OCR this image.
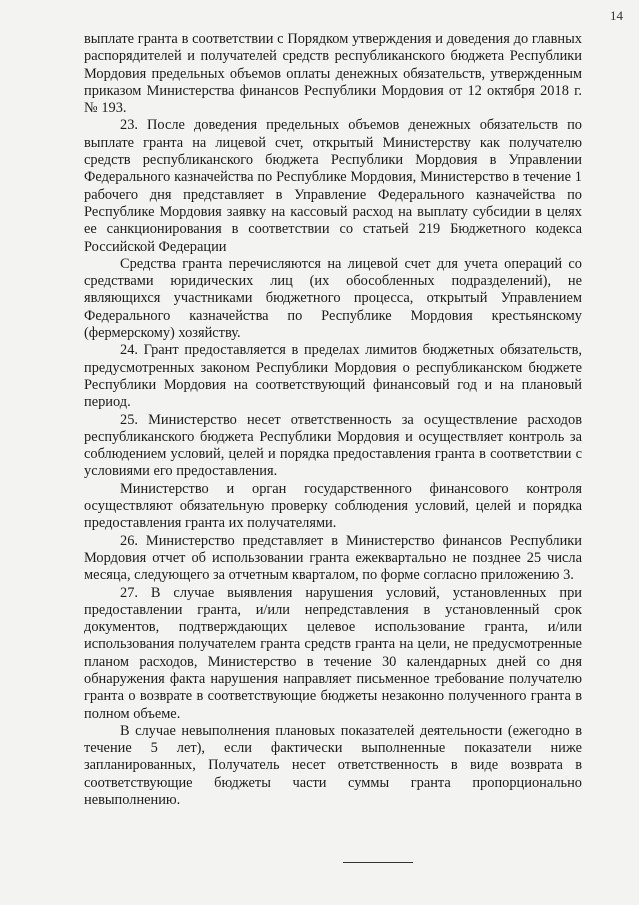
14

выплате гранта в соответствии с Порядком утверждения и доведения до главных распорядителей и получателей средств республиканского бюджета Республики Мордовия предельных объемов оплаты денежных обязательств, утвержденным приказом Министерства финансов Республики Мордовия от 12 октября 2018 г. № 193.

23. После доведения предельных объемов денежных обязательств по выплате гранта на лицевой счет, открытый Министерству как получателю средств республиканского бюджета Республики Мордовия в Управлении Федерального казначейства по Республике Мордовия, Министерство в течение 1 рабочего дня представляет в Управление Федерального казначейства по Республике Мордовия заявку на кассовый расход на выплату субсидии в целях ее санкционирования в соответствии со статьей 219 Бюджетного кодекса Российской Федерации

Средства гранта перечисляются на лицевой счет для учета операций со средствами юридических лиц (их обособленных подразделений), не являющихся участниками бюджетного процесса, открытый Управлением Федерального казначейства по Республике Мордовия крестьянскому (фермерскому) хозяйству.

24. Грант предоставляется в пределах лимитов бюджетных обязательств, предусмотренных законом Республики Мордовия о республиканском бюджете Республики Мордовия на соответствующий финансовый год и на плановый период.

25. Министерство несет ответственность за осуществление расходов республиканского бюджета Республики Мордовия и осуществляет контроль за соблюдением условий, целей и порядка предоставления гранта в соответствии с условиями его предоставления.

Министерство и орган государственного финансового контроля осуществляют обязательную проверку соблюдения условий, целей и порядка предоставления гранта их получателями.

26. Министерство представляет в Министерство финансов Республики Мордовия отчет об использовании гранта ежеквартально не позднее 25 числа месяца, следующего за отчетным кварталом, по форме согласно приложению 3.

27. В случае выявления нарушения условий, установленных при предоставлении гранта, и/или непредставления в установленный срок документов, подтверждающих целевое использование гранта, и/или использования получателем гранта средств гранта на цели, не предусмотренные планом расходов, Министерство в течение 30 календарных дней со дня обнаружения факта нарушения направляет письменное требование получателю гранта о возврате в соответствующие бюджеты незаконно полученного гранта в полном объеме.

В случае невыполнения плановых показателей деятельности (ежегодно в течение 5 лет), если фактически выполненные показатели ниже запланированных, Получатель несет ответственность в виде возврата в соответствующие бюджеты части суммы гранта пропорционально невыполнению.
